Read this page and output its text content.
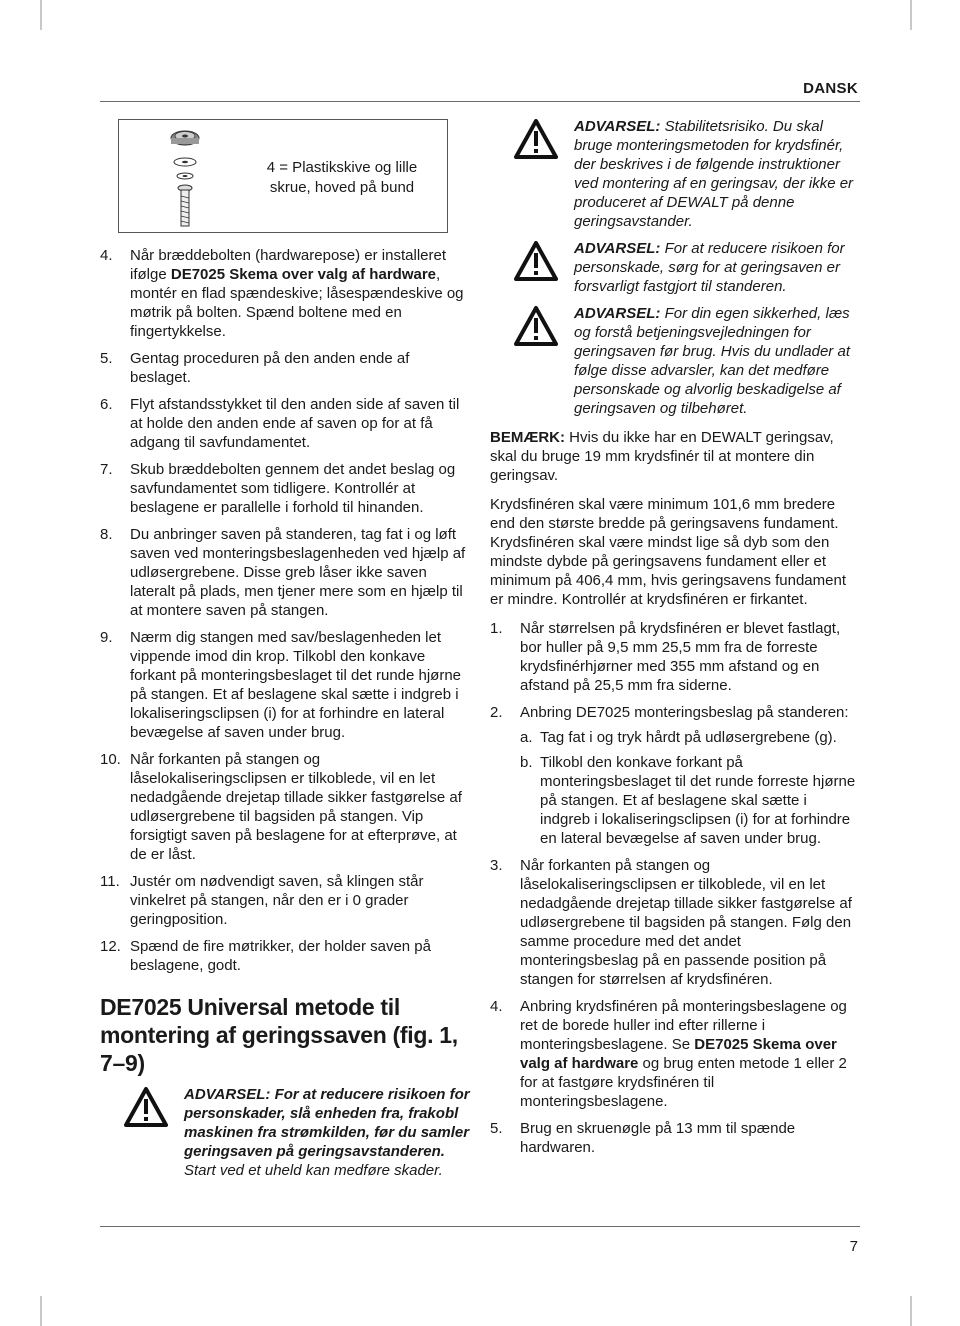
DANSK
4 = Plastikskive og lille
skrue, hoved på bund
4. Når bræddebolten (hardwarepose) er installeret ifølge DE7025 Skema over valg af hardware, montér en flad spændeskive; låsespændeskive og møtrik på bolten. Spænd boltene med en fingertykkelse.
5. Gentag proceduren på den anden ende af beslaget.
6. Flyt afstandsstykket til den anden side af saven til at holde den anden ende af saven op for at få adgang til savfundamentet.
7. Skub bræddebolten gennem det andet beslag og savfundamentet som tidligere. Kontrollér at beslagene er parallelle i forhold til hinanden.
8. Du anbringer saven på standeren, tag fat i og løft saven ved monteringsbeslagenheden ved hjælp af udløsergrebene. Disse greb låser ikke saven lateralt på plads, men tjener mere som en hjælp til at montere saven på stangen.
9. Nærm dig stangen med sav/beslagenheden let vippende imod din krop. Tilkobl den konkave forkant på monteringsbeslaget til det runde hjørne på stangen. Et af beslagene skal sætte i indgreb i lokaliseringsclipsen (i) for at forhindre en lateral bevægelse af saven under brug.
10. Når forkanten på stangen og låselokaliseringsclipsen er tilkoblede, vil en let nedadgående drejetap tillade sikker fastgørelse af udløsergrebene til bagsiden på stangen. Vip forsigtigt saven på beslagene for at efterprøve, at de er låst.
11. Justér om nødvendigt saven, så klingen står vinkelret på stangen, når den er i 0 grader geringposition.
12. Spænd de fire møtrikker, der holder saven på beslagene, godt.
DE7025 Universal metode til montering af geringssaven (fig. 1, 7–9)
ADVARSEL: For at reducere risikoen for personskader, slå enheden fra, frakobl maskinen fra strømkilden, før du samler geringsaven på geringsavstanderen. Start ved et uheld kan medføre skader.
ADVARSEL: Stabilitetsrisiko. Du skal bruge monteringsmetoden for krydsfinér, der beskrives i de følgende instruktioner ved montering af en geringsav, der ikke er produceret af DEWALT på denne geringsavstander.
ADVARSEL: For at reducere risikoen for personskade, sørg for at geringsaven er forsvarligt fastgjort til standeren.
ADVARSEL: For din egen sikkerhed, læs og forstå betjeningsvejledningen for geringsaven før brug. Hvis du undlader at følge disse advarsler, kan det medføre personskade og alvorlig beskadigelse af geringsaven og tilbehøret.
BEMÆRK: Hvis du ikke har en DEWALT geringsav, skal du bruge 19 mm krydsfinér til at montere din geringsav.
Krydsfinéren skal være minimum 101,6 mm bredere end den største bredde på geringsavens fundament. Krydsfinéren skal være mindst lige så dyb som den mindste dybde på geringsavens fundament eller et minimum på 406,4 mm, hvis geringsavens fundament er mindre. Kontrollér at krydsfinéren er firkantet.
1. Når størrelsen på krydsfinéren er blevet fastlagt, bor huller på 9,5 mm 25,5 mm fra de forreste krydsfinérhjørner med 355 mm afstand og en afstand på 25,5 mm fra siderne.
2. Anbring DE7025 monteringsbeslag på standeren:
a. Tag fat i og tryk hårdt på udløsergrebene (g).
b. Tilkobl den konkave forkant på monteringsbeslaget til det runde forreste hjørne på stangen. Et af beslagene skal sætte i indgreb i lokaliseringsclipsen (i) for at forhindre en lateral bevægelse af saven under brug.
3. Når forkanten på stangen og låselokaliseringsclipsen er tilkoblede, vil en let nedadgående drejetap tillade sikker fastgørelse af udløsergrebene til bagsiden på stangen. Følg den samme procedure med det andet monteringsbeslag på en passende position på stangen for størrelsen af krydsfinéren.
4. Anbring krydsfinéren på monteringsbeslagene og ret de borede huller ind efter rillerne i monteringsbeslagene. Se DE7025 Skema over valg af hardware og brug enten metode 1 eller 2 for at fastgøre krydsfinéren til monteringsbeslagene.
5. Brug en skruenøgle på 13 mm til spænde hardwaren.
7
